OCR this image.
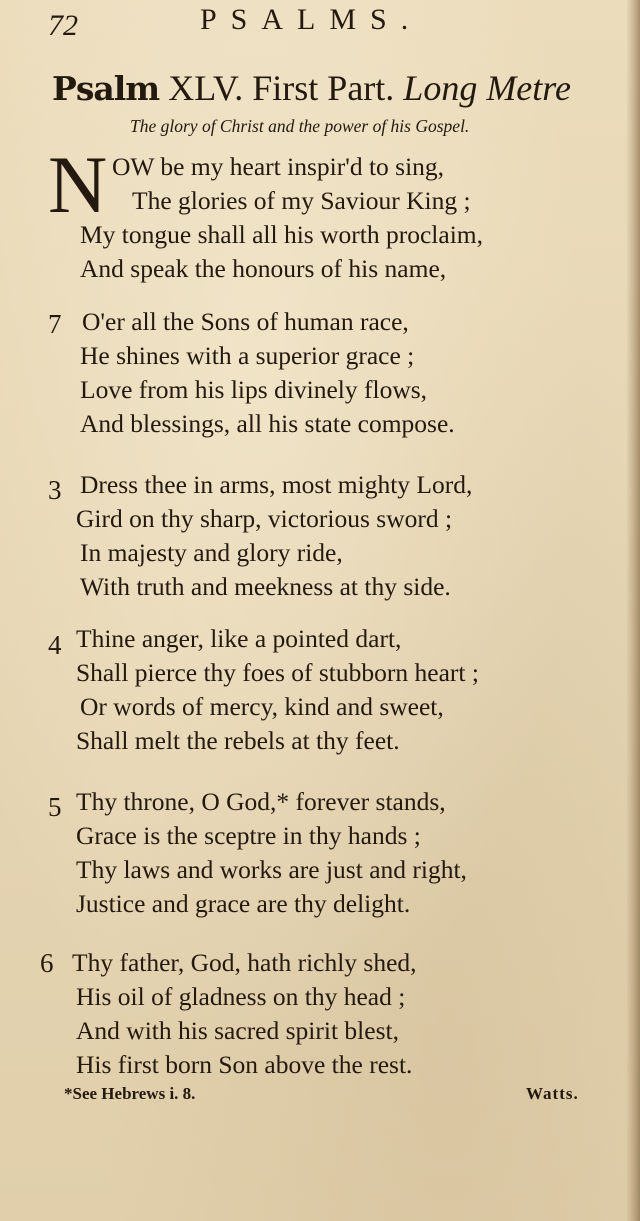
72	PSALMS.
Psalm XLV. First Part. Long Metre
The glory of Christ and the power of his Gospel.
N OW be my heart inspir'd to sing,
The glories of my Saviour King ;
My tongue shall all his worth proclaim,
And speak the honours of his name,
7 O'er all the Sons of human race,
He shines with a superior grace ;
Love from his lips divinely flows,
And blessings, all his state compose.
3 Dress thee in arms, most mighty Lord,
Gird on thy sharp, victorious sword ;
In majesty and glory ride,
With truth and meekness at thy side.
4 Thine anger, like a pointed dart,
Shall pierce thy foes of stubborn heart ;
Or words of mercy, kind and sweet,
Shall melt the rebels at thy feet.
5 Thy throne, O God,* forever stands,
Grace is the sceptre in thy hands ;
Thy laws and works are just and right,
Justice and grace are thy delight.
6 Thy father, God, hath richly shed,
His oil of gladness on thy head ;
And with his sacred spirit blest,
His first born Son above the rest.
*See Hebrews i. 8.	Watts.
